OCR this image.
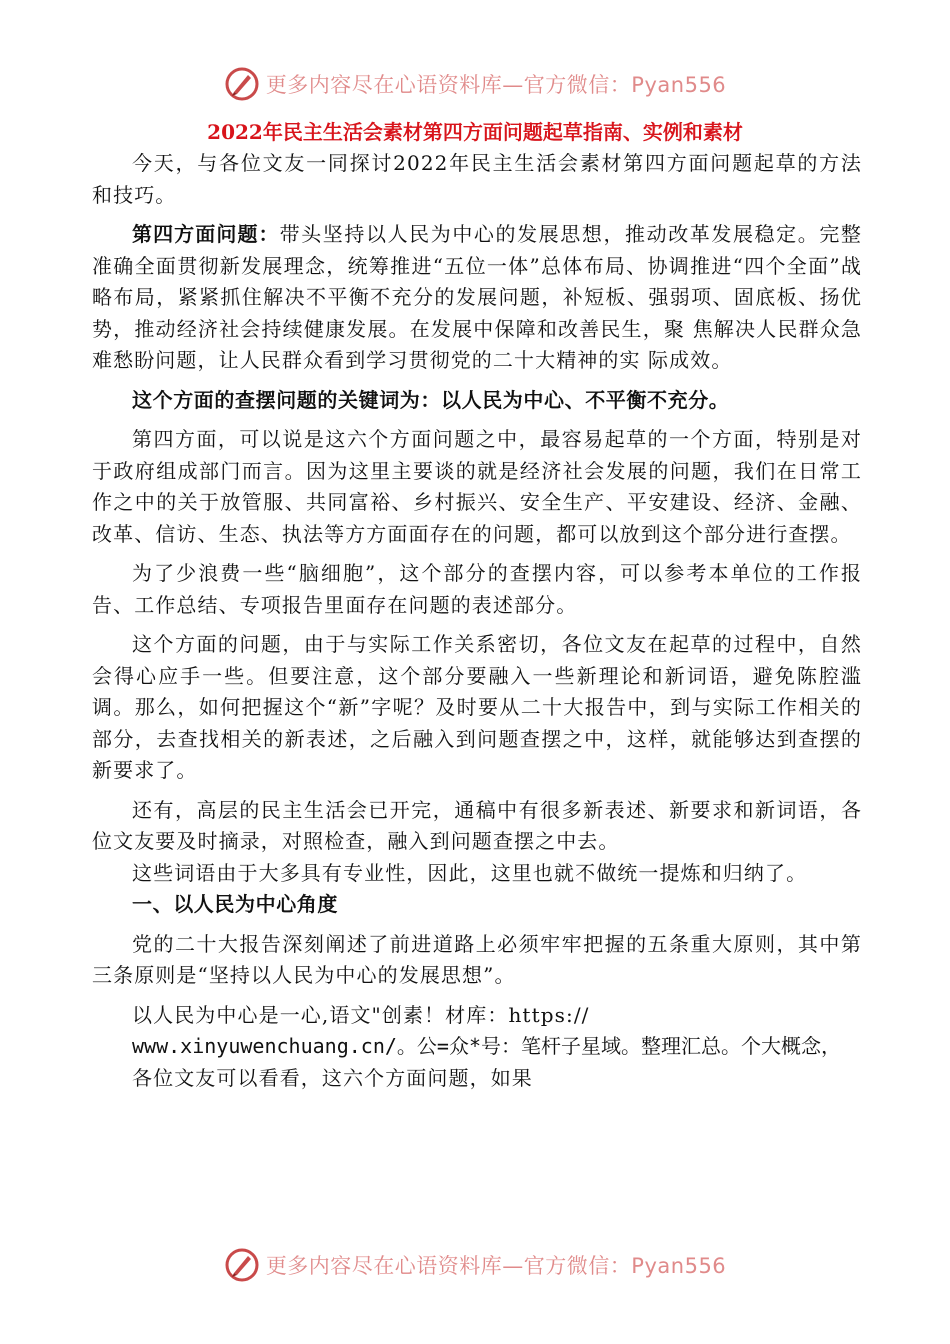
更多内容尽在心语资料库—官方微信：Pyan556
2022年民主生活会素材第四方面问题起草指南、实例和素材

今天，与各位文友一同探讨2022年民主生活会素材第四方面问题起草的方法和技巧。

第四方面问题：带头坚持以人民为中心的发展思想，推动改革发展稳定。完整准确全面贯彻新发展理念，统筹推进“五位一体”总体布局、协调推进“四个全面”战略布局，紧紧抓住解决不平衡不充分的发展问题，补短板、强弱项、固底板、扬优势，推动经济社会持续健康发展。在发展中保障和改善民生，聚 焦解决人民群众急难愁盼问题，让人民群众看到学习贯彻党的二十大精神的实 际成效。

这个方面的查摆问题的关键词为：以人民为中心、不平衡不充分。

第四方面，可以说是这六个方面问题之中，最容易起草的一个方面，特别是对于政府组成部门而言。因为这里主要谈的就是经济社会发展的问题，我们在日常工作之中的关于放管服、共同富裕、乡村振兴、安全生产、平安建设、经济、金融、改革、信访、生态、执法等方方面面存在的问题，都可以放到这个部分进行查摆。

为了少浪费一些“脑细胞”，这个部分的查摆内容，可以参考本单位的工作报告、工作总结、专项报告里面存在问题的表述部分。

这个方面的问题，由于与实际工作关系密切，各位文友在起草的过程中，自然会得心应手一些。但要注意，这个部分要融入一些新理论和新词语，避免陈腔滥调。那么，如何把握这个“新”字呢？及时要从二十大报告中，到与实际工作相关的部分，去查找相关的新表述，之后融入到问题查摆之中，这样，就能够达到查摆的新要求了。

还有，高层的民主生活会已开完，通稿中有很多新表述、新要求和新词语，各位文友要及时摘录，对照检查，融入到问题查摆之中去。

这些词语由于大多具有专业性，因此，这里也就不做统一提炼和归纳了。

一、以人民为中心角度

党的二十大报告深刻阐述了前进道路上必须牢牢把握的五条重大原则，其中第三条原则是“坚持以人民为中心的发展思想”。

以人民为中心是一心,语文"创素！材库：https://

www.xinyuwenchuang.cn/。公=众*号：笔杆子星域。整理汇总。个大概念，

各位文友可以看看，这六个方面问题，如果

更多内容尽在心语资料库—官方微信：Pyan556
